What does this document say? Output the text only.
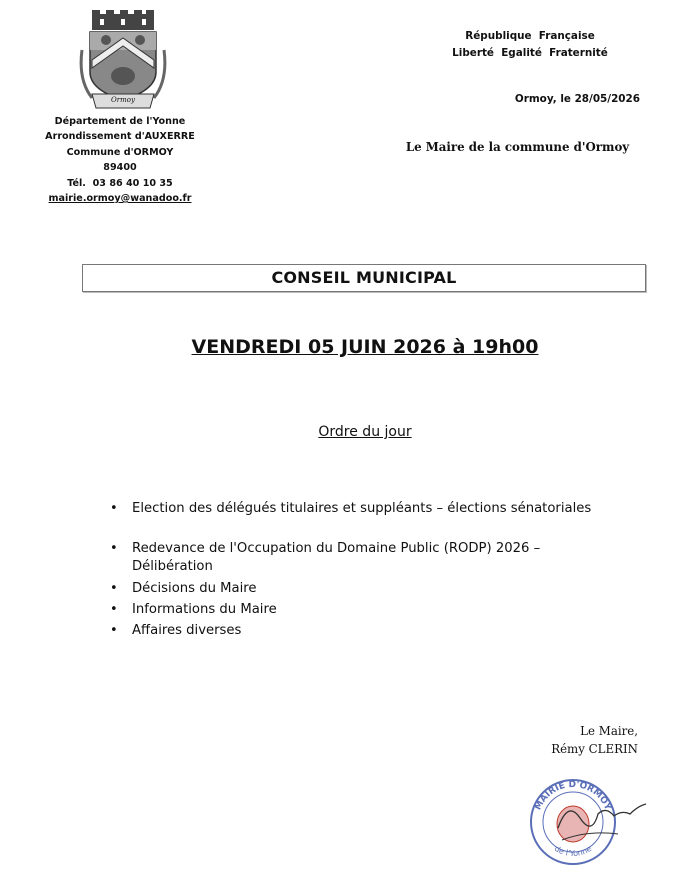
Ormoy
Département de l'Yonne
Arrondissement d'AUXERRE
Commune d'ORMOY
89400
Tél.  03 86 40 10 35
mairie.ormoy@wanadoo.fr
République  Française
Liberté  Egalité  Fraternité
Ormoy, le 28/05/2026
Le Maire de la commune d'Ormoy
CONSEIL MUNICIPAL
VENDREDI 05 JUIN 2026 à 19h00
Ordre du jour
• Election des délégués titulaires et suppléants – élections sénatoriales
• Redevance de l'Occupation du Domaine Public (RODP) 2026 –
Délibération
• Décisions du Maire
• Informations du Maire
• Affaires diverses
Le Maire,
Rémy CLERIN
MAIRIE D'ORMOY
de l'Yonne
